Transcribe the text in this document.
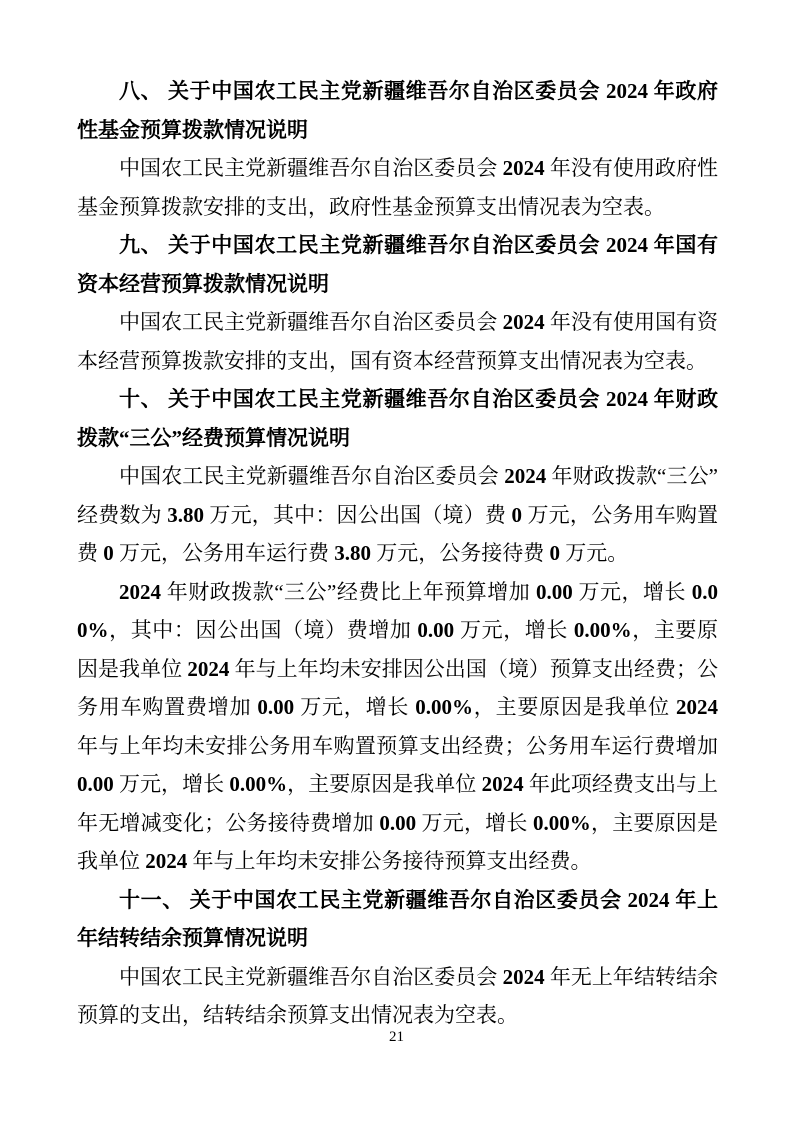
八、 关于中国农工民主党新疆维吾尔自治区委员会 2024 年政府性基金预算拨款情况说明

中国农工民主党新疆维吾尔自治区委员会 2024 年没有使用政府性基金预算拨款安排的支出，政府性基金预算支出情况表为空表。

九、 关于中国农工民主党新疆维吾尔自治区委员会 2024 年国有资本经营预算拨款情况说明

中国农工民主党新疆维吾尔自治区委员会 2024 年没有使用国有资本经营预算拨款安排的支出，国有资本经营预算支出情况表为空表。

十、 关于中国农工民主党新疆维吾尔自治区委员会 2024 年财政拨款“三公”经费预算情况说明

中国农工民主党新疆维吾尔自治区委员会 2024 年财政拨款“三公”经费数为 3.80 万元，其中：因公出国（境）费 0 万元，公务用车购置费 0 万元，公务用车运行费 3.80 万元，公务接待费 0 万元。

2024 年财政拨款“三公”经费比上年预算增加 0.00 万元，增长 0.00%，其中：因公出国（境）费增加 0.00 万元，增长 0.00%，主要原因是我单位 2024 年与上年均未安排因公出国（境）预算支出经费；公务用车购置费增加 0.00 万元，增长 0.00%，主要原因是我单位 2024 年与上年均未安排公务用车购置预算支出经费；公务用车运行费增加 0.00 万元，增长 0.00%，主要原因是我单位 2024 年此项经费支出与上年无增减变化；公务接待费增加 0.00 万元，增长 0.00%，主要原因是我单位 2024 年与上年均未安排公务接待预算支出经费。

十一、 关于中国农工民主党新疆维吾尔自治区委员会 2024 年上年结转结余预算情况说明

中国农工民主党新疆维吾尔自治区委员会 2024 年无上年结转结余预算的支出，结转结余预算支出情况表为空表。

21
